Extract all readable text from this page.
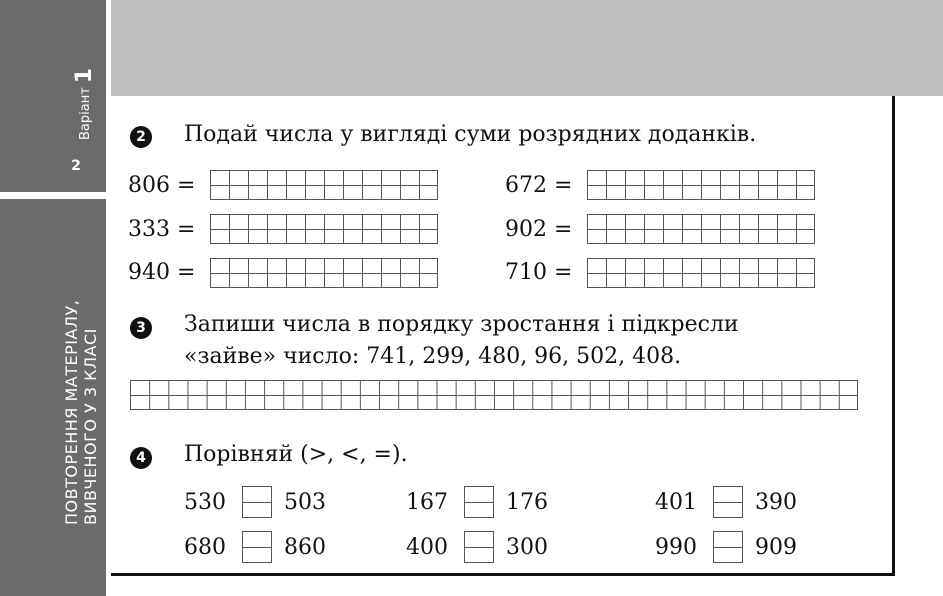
Варіант1
2
ПОВТОРЕННЯ МАТЕРІАЛУ, ВИВЧЕНОГО У 3 КЛАСІ
2 Подай числа у вигляді суми розрядних доданків.
806 =
333 =
940 =
672 =
902 =
710 =
3 Запиши числа в порядку зростання і підкресли
«зайве» число: 741, 299, 480, 96, 502, 408.
4 Порівняй (>, <, =).
530	503	167	176	401	390
680	860	400	300	990	909
